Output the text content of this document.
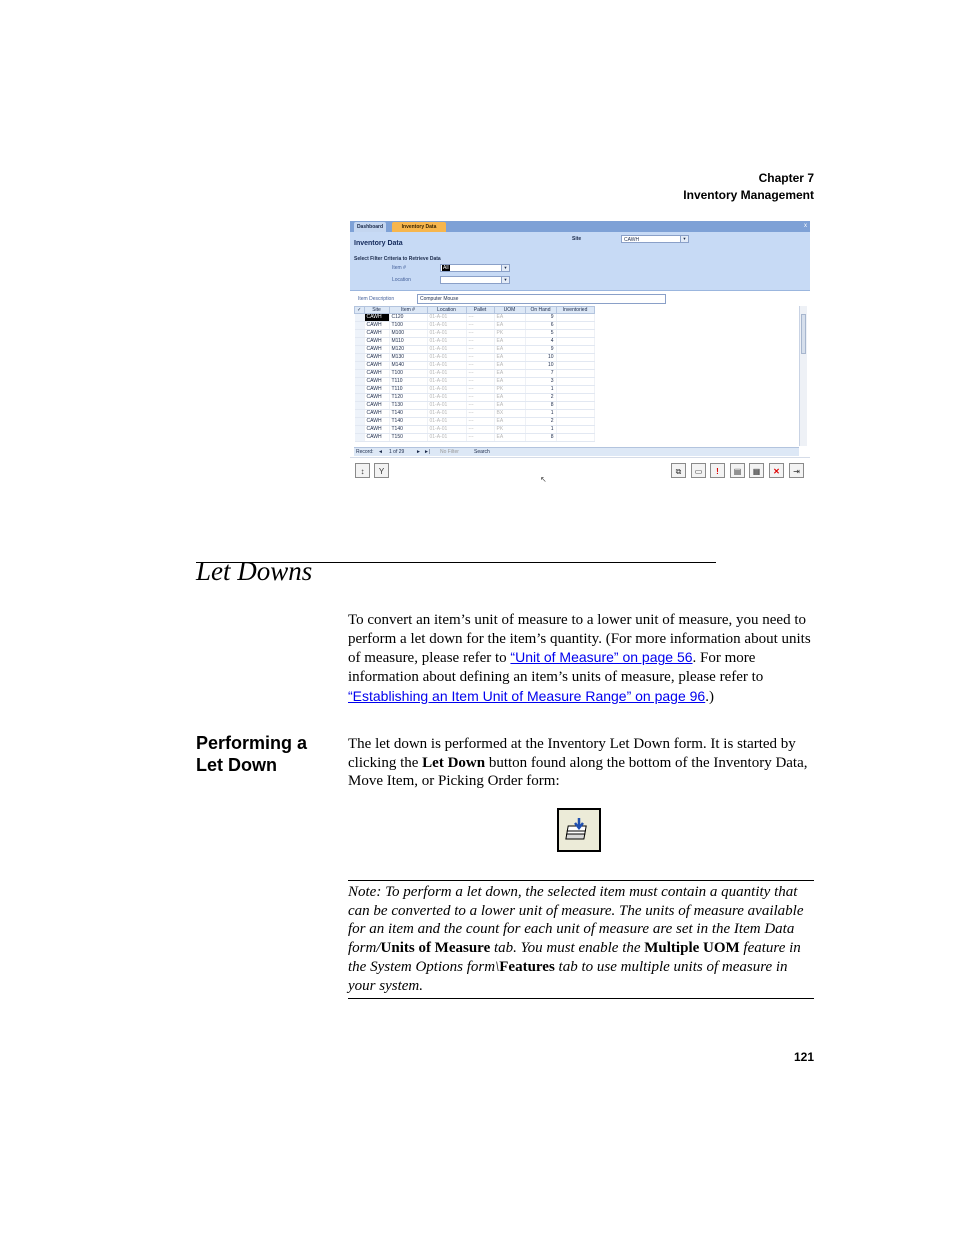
Chapter 7
Inventory Management
Dashboard	Inventory Data	x
Inventory Data
Site	CAWH	▼
Select Filter Criteria to Retrieve Data
Item #	All	▼
Location	▼
Item Description	Computer Mouse
✓	Site	Item #	Location	Pallet	UOM	On Hand	Inventoried
	CAWH	C120	01-A-01	---	EA	9	
	CAWH	T100	01-A-01	---	EA	6	
	CAWH	M100	01-A-01	---	PK	5	
	CAWH	M110	01-A-01	---	EA	4	
	CAWH	M120	01-A-01	---	EA	9	
	CAWH	M130	01-A-01	---	EA	10	
	CAWH	M140	01-A-01	---	EA	10	
	CAWH	T100	01-A-01	---	EA	7	
	CAWH	T110	01-A-01	---	EA	3	
	CAWH	T110	01-A-01	---	PK	1	
	CAWH	T120	01-A-01	---	EA	2	
	CAWH	T130	01-A-01	---	EA	8	
	CAWH	T140	01-A-01	---	BX	1	
	CAWH	T140	01-A-01	---	EA	2	
	CAWH	T140	01-A-01	---	PK	1	
	CAWH	T150	01-A-01	---	EA	8	
Record: ◄ 1 of 29 ► ►| No Filter	Search
↕	Y	⧉	▭	!	▤	▦	✕	⇥
↖
Let Downs

To convert an item’s unit of measure to a lower unit of measure, you need to perform a let down for the item’s quantity. (For more information about units of measure, please refer to “Unit of Measure” on page 56. For more information about defining an item’s units of measure, please refer to “Establishing an Item Unit of Measure Range” on page 96.)

Performing a Let Down

The let down is performed at the Inventory Let Down form. It is started by clicking the Let Down button found along the bottom of the Inventory Data, Move Item, or Picking Order form:

Note: To perform a let down, the selected item must contain a quantity that can be converted to a lower unit of measure. The units of measure available for an item and the count for each unit of measure are set in the Item Data form/Units of Measure tab. You must enable the Multiple UOM feature in the System Options form\Features tab to use multiple units of measure in your system.

121
